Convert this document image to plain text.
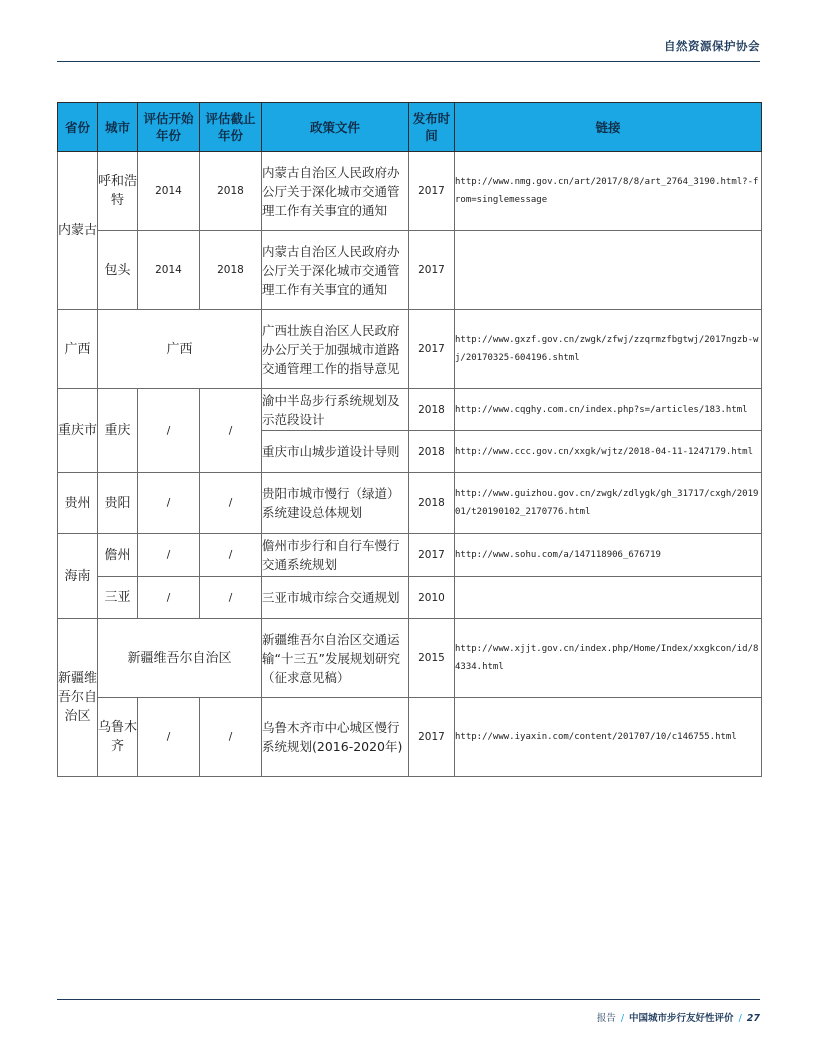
自然资源保护协会
省份	城市	评估开始年份	评估截止年份	政策文件	发布时间	链接
内蒙古	呼和浩特	2014	2018	内蒙古自治区人民政府办公厅关于深化城市交通管理工作有关事宜的通知	2017	http://www.nmg.gov.cn/art/2017/8/8/art_2764_3190.html?-from=singlemessage
	包头	2014	2018	内蒙古自治区人民政府办公厅关于深化城市交通管理工作有关事宜的通知	2017	
广西	广西			广西壮族自治区人民政府办公厅关于加强城市道路交通管理工作的指导意见	2017	http://www.gxzf.gov.cn/zwgk/zfwj/zzqrmzfbgtwj/2017ngzb-wj/20170325-604196.shtml
重庆市	重庆	/	/	渝中半岛步行系统规划及示范段设计	2018	http://www.cqghy.com.cn/index.php?s=/articles/183.html
				重庆市山城步道设计导则	2018	http://www.ccc.gov.cn/xxgk/wjtz/2018-04-11-1247179.html
贵州	贵阳	/	/	贵阳市城市慢行（绿道）系统建设总体规划	2018	http://www.guizhou.gov.cn/zwgk/zdlygk/gh_31717/cxgh/201901/t20190102_2170776.html
海南	儋州	/	/	儋州市步行和自行车慢行交通系统规划	2017	http://www.sohu.com/a/147118906_676719
	三亚	/	/	三亚市城市综合交通规划	2010	
新疆维吾尔自治区	新疆维吾尔自治区			新疆维吾尔自治区交通运输“十三五”发展规划研究（征求意见稿）	2015	http://www.xjjt.gov.cn/index.php/Home/Index/xxgkcon/id/84334.html
	乌鲁木齐	/	/	乌鲁木齐市中心城区慢行系统规划(2016-2020年)	2017	http://www.iyaxin.com/content/201707/10/c146755.html
报告 / 中国城市步行友好性评价 / 27
